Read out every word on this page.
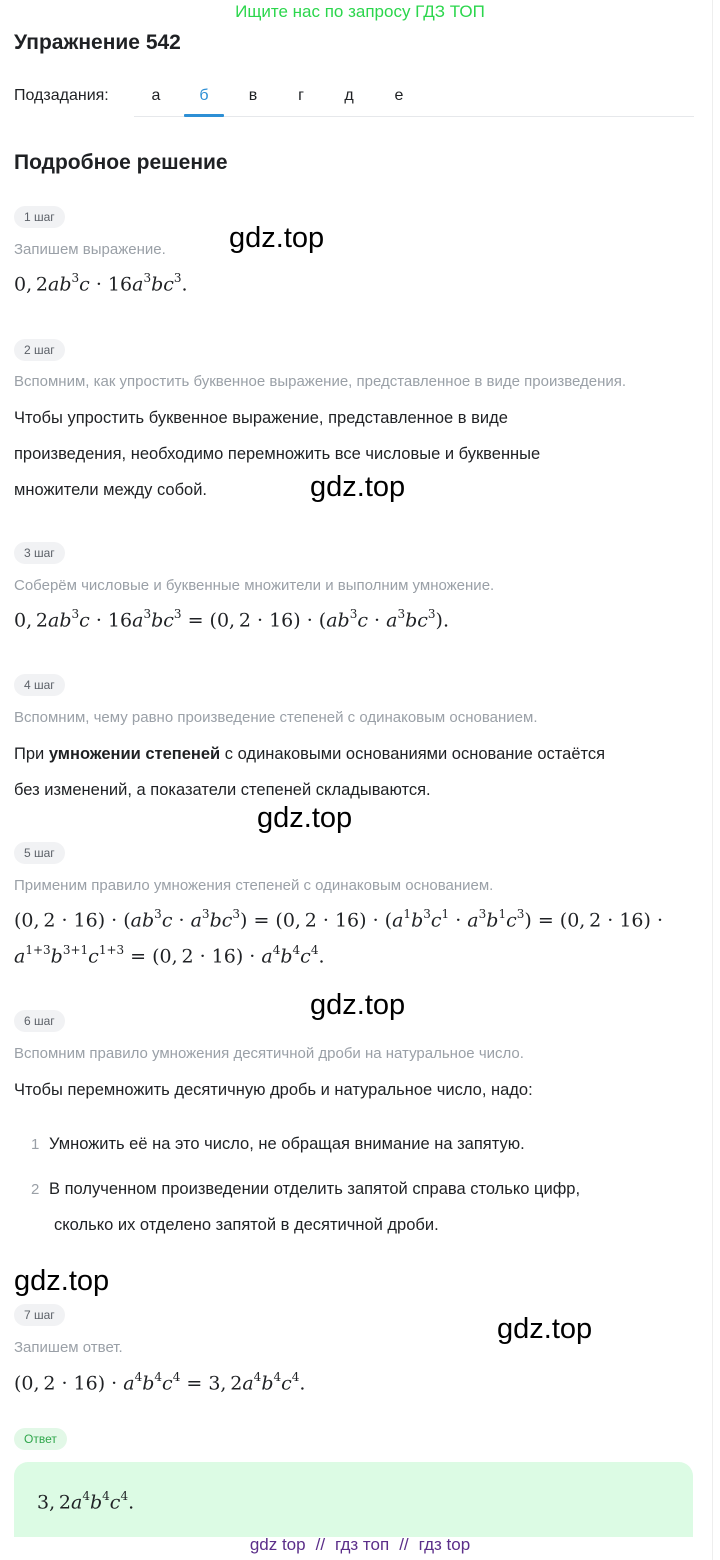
Ищите нас по запросу ГДЗ ТОП
Упражнение 542
Подзадания:	а	б	в	г	д	е
Подробное решение
1 шаг
Запишем выражение.
0, $2ab^3c \cdot 16a^3bc^3$.
gdz.top
2 шаг
Вспомним, как упростить буквенное выражение, представленное в виде произведения.
Чтобы упростить буквенное выражение, представленное в виде
произведения, необходимо перемножить все числовые и буквенные
множители между собой.	gdz.top
3 шаг
Соберём числовые и буквенные множители и выполним умножение.
0, $2ab^3c \cdot 16a^3bc^3 = (0$, $2 \cdot 16) \cdot (ab^3c \cdot a^3bc^3)$.
4 шаг
Вспомним, чему равно произведение степеней с одинаковым основанием.
При умножении степеней с одинаковыми основаниями основание остаётся
без изменений, а показатели степеней складываются.
gdz.top
5 шаг
Применим правило умножения степеней с одинаковым основанием.
(0, $2 \cdot 16) \cdot (ab^3c \cdot a^3bc^3) = (0$, $2 \cdot 16) \cdot (a^1b^3c^1 \cdot a^3b^1c^3) = (0$, 2 · 16) ·
$a^{1+3}b^{3+1}c^{1+3} = (0$, $2 \cdot 16) \cdot a^4b^4c^4$.
gdz.top
6 шаг
Вспомним правило умножения десятичной дроби на натуральное число.
Чтобы перемножить десятичную дробь и натуральное число, надо:
1 Умножить её на это число, не обращая внимание на запятую.
2 В полученном произведении отделить запятой справа столько цифр,
сколько их отделено запятой в десятичной дроби.
gdz.top
7 шаг
Запишем ответ.
(0, $2 \cdot 16) \cdot a^4b^4c^4 = 3$, $2a^4b^4c^4$.
gdz.top
Ответ
3, $2a^4b^4c^4$.
gdz top // гдз топ // гдз top
